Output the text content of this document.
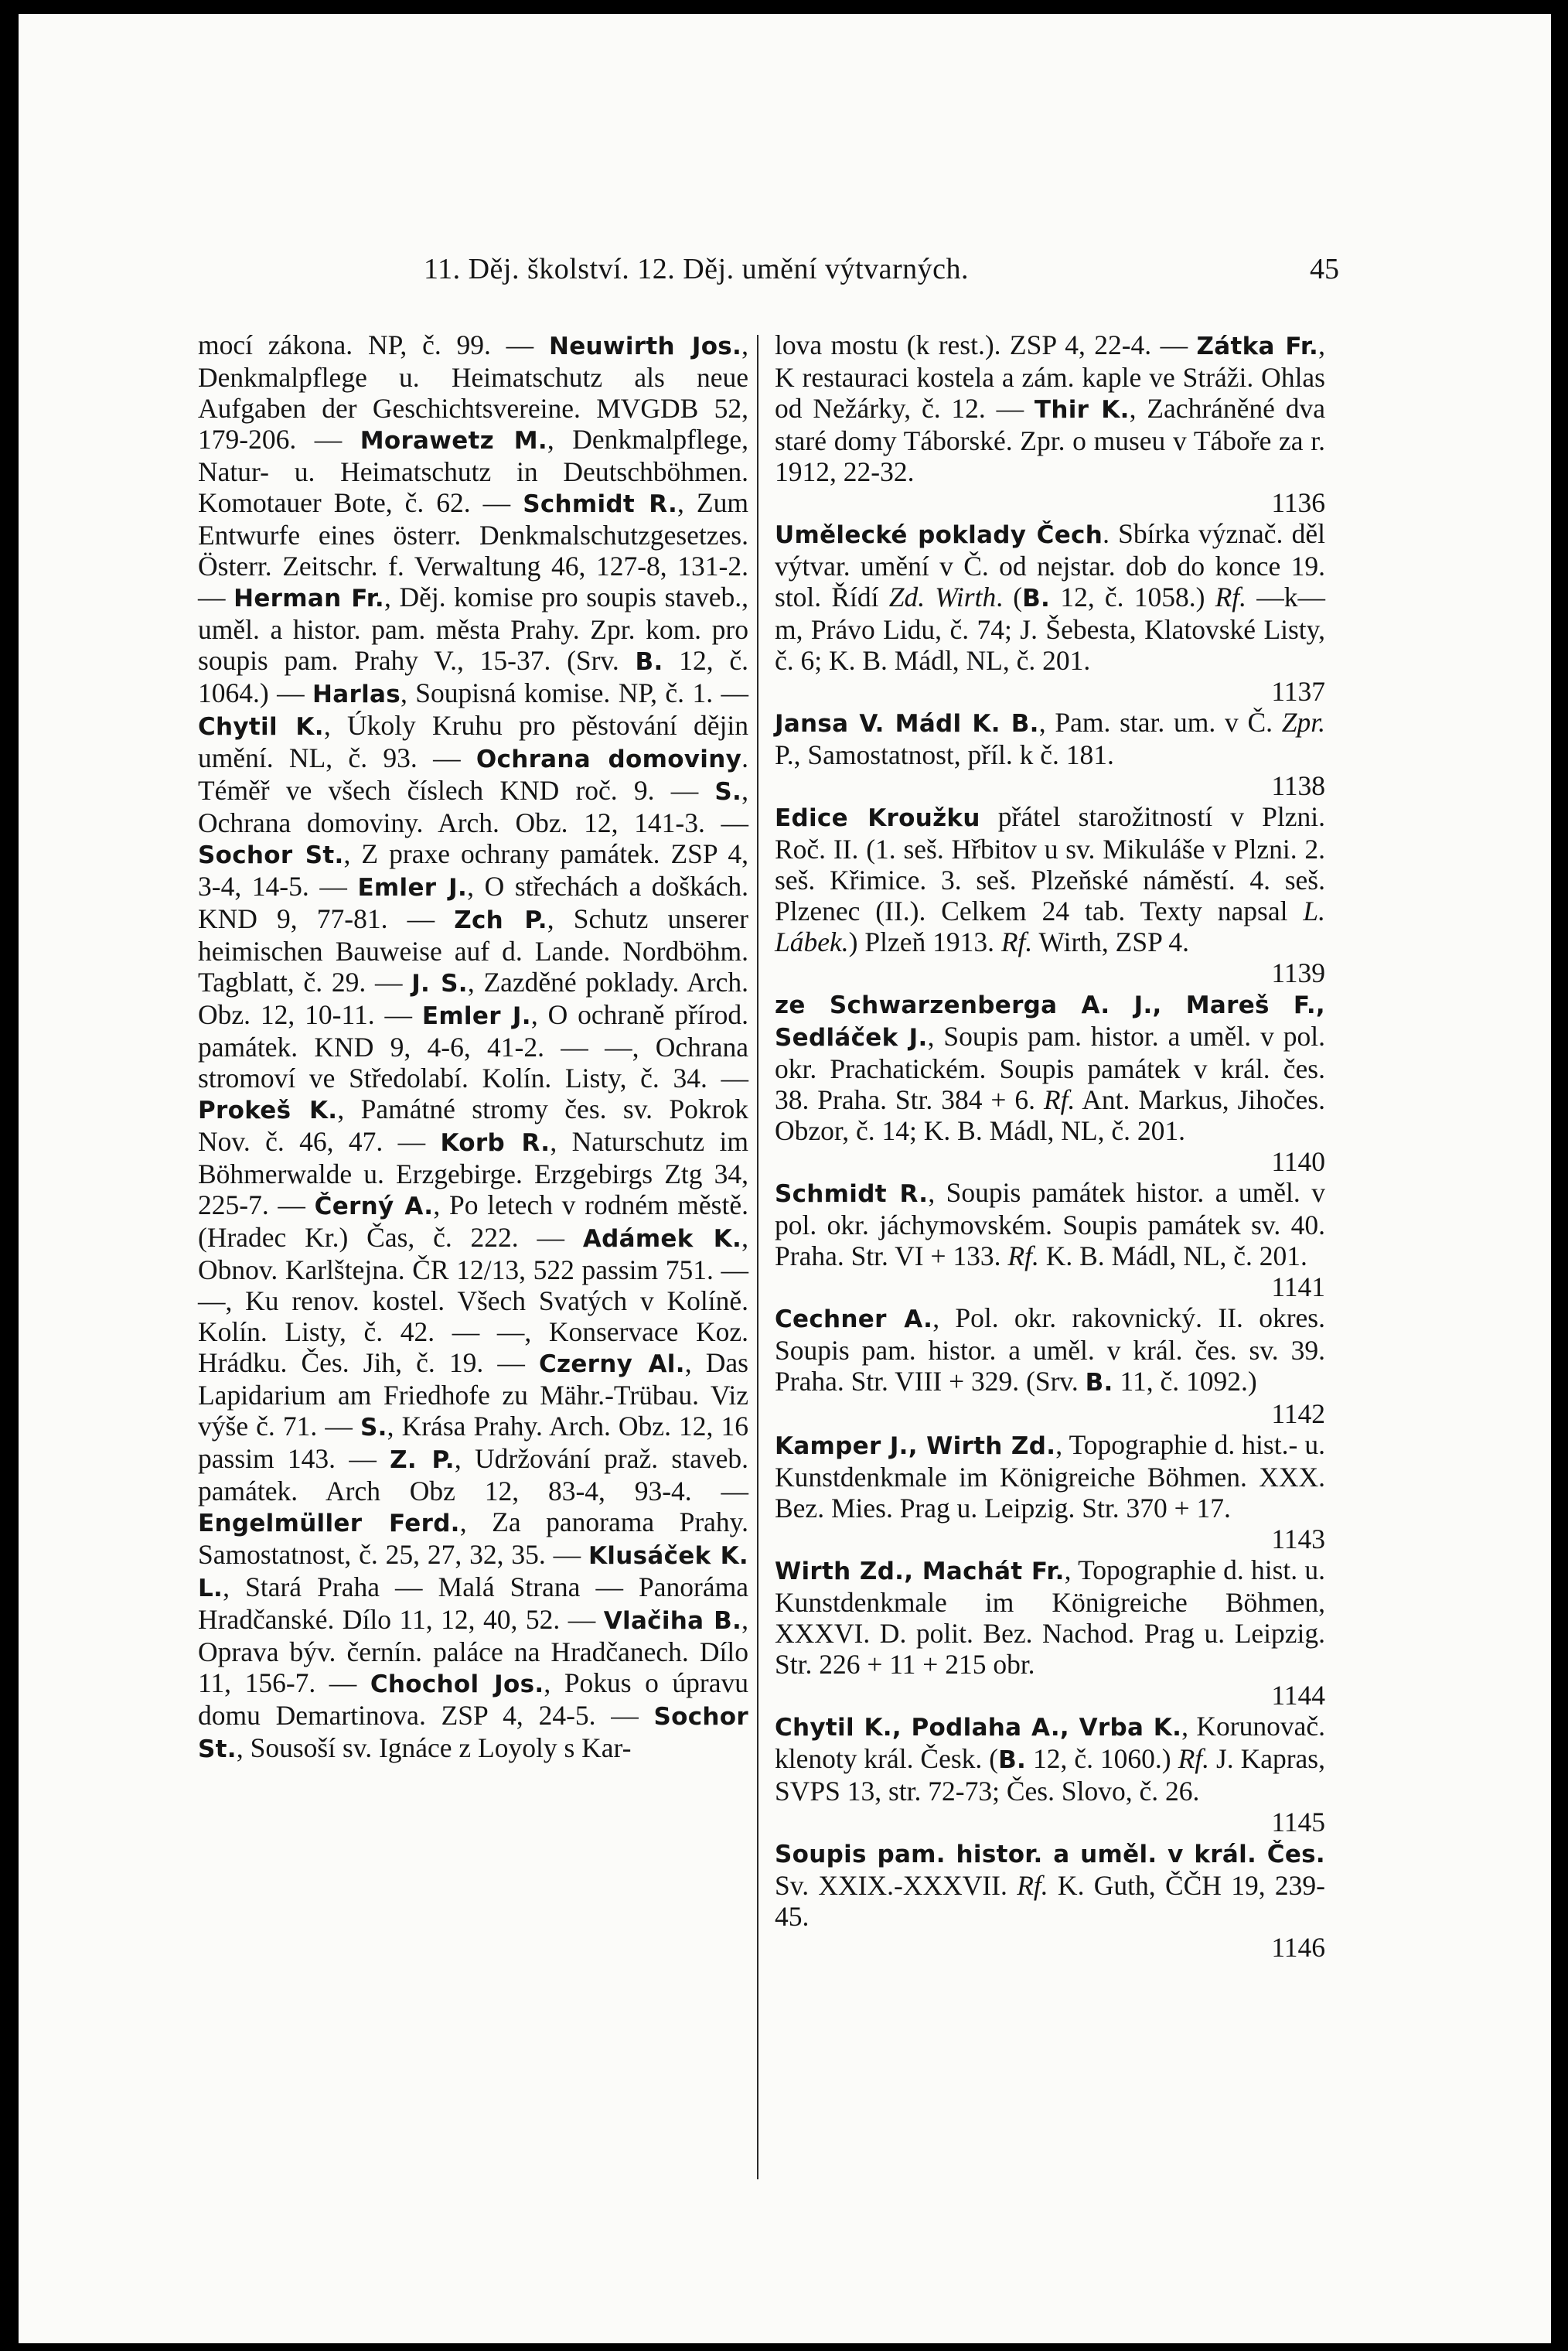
11. Děj. školství. 12. Děj. umění výtvarných.	45

mocí zákona. NP, č. 99. — Neuwirth Jos., Denkmalpflege u. Heimatschutz als neue Aufgaben der Geschichtsvereine. MVGDB 52, 179-206. — Morawetz M., Denkmalpflege, Natur- u. Heimatschutz in Deutschböhmen. Komotauer Bote, č. 62. — Schmidt R., Zum Entwurfe eines österr. Denkmalschutzgesetzes. Österr. Zeitschr. f. Verwaltung 46, 127-8, 131-2. — Herman Fr., Děj. komise pro soupis staveb., uměl. a histor. pam. města Prahy. Zpr. kom. pro soupis pam. Prahy V., 15-37. (Srv. B. 12, č. 1064.) — Harlas, Soupisná komise. NP, č. 1. — Chytil K., Úkoly Kruhu pro pěstování dějin umění. NL, č. 93. — Ochrana domoviny. Téměř ve všech číslech KND roč. 9. — S., Ochrana domoviny. Arch. Obz. 12, 141-3. — Sochor St., Z praxe ochrany památek. ZSP 4, 3-4, 14-5. — Emler J., O střechách a doškách. KND 9, 77-81. — Zch P., Schutz unserer heimischen Bauweise auf d. Lande. Nordböhm. Tagblatt, č. 29. — J. S., Zazděné poklady. Arch. Obz. 12, 10-11. — Emler J., O ochraně přírod. památek. KND 9, 4-6, 41-2. — —, Ochrana stromoví ve Středolabí. Kolín. Listy, č. 34. — Prokeš K., Památné stromy čes. sv. Pokrok Nov. č. 46, 47. — Korb R., Naturschutz im Böhmerwalde u. Erzgebirge. Erzgebirgs Ztg 34, 225-7. — Černý A., Po letech v rodném městě. (Hradec Kr.) Čas, č. 222. — Adámek K., Obnov. Karlštejna. ČR 12/13, 522 passim 751. — —, Ku renov. kostel. Všech Svatých v Kolíně. Kolín. Listy, č. 42. — —, Konservace Koz. Hrádku. Čes. Jih, č. 19. — Czerny Al., Das Lapidarium am Friedhofe zu Mähr.-Trübau. Viz výše č. 71. — S., Krása Prahy. Arch. Obz. 12, 16 passim 143. — Z. P., Udržování praž. staveb. památek. Arch Obz 12, 83-4, 93-4. — Engelmüller Ferd., Za panorama Prahy. Samostatnost, č. 25, 27, 32, 35. — Klusáček K. L., Stará Praha — Malá Strana — Panoráma Hradčanské. Dílo 11, 12, 40, 52. — Vlačiha B., Oprava býv. černín. paláce na Hradčanech. Dílo 11, 156-7. — Chochol Jos., Pokus o úpravu domu Demartinova. ZSP 4, 24-5. — Sochor St., Sousoší sv. Ignáce z Loyoly s Kar-

lova mostu (k rest.). ZSP 4, 22-4. — Zátka Fr., K restauraci kostela a zám. kaple ve Stráži. Ohlas od Nežárky, č. 12. — Thir K., Zachráněné dva staré domy Táborské. Zpr. o museu v Táboře za r. 1912, 22-32.
1136

Umělecké poklady Čech. Sbírka význač. děl výtvar. umění v Č. od nejstar. dob do konce 19. stol. Řídí Zd. Wirth. (B. 12, č. 1058.) Rf. —k— m, Právo Lidu, č. 74; J. Šebesta, Klatovské Listy, č. 6; K. B. Mádl, NL, č. 201.
1137

Jansa V. Mádl K. B., Pam. star. um. v Č. Zpr. P., Samostatnost, příl. k č. 181.
1138

Edice Kroužku přátel starožitností v Plzni. Roč. II. (1. seš. Hřbitov u sv. Mikuláše v Plzni. 2. seš. Křimice. 3. seš. Plzeňské náměstí. 4. seš. Plzenec (II.). Celkem 24 tab. Texty napsal L. Lábek.) Plzeň 1913. Rf. Wirth, ZSP 4.
1139

ze Schwarzenberga A. J., Mareš F., Sedláček J., Soupis pam. histor. a uměl. v pol. okr. Prachatickém. Soupis památek v král. čes. 38. Praha. Str. 384 + 6. Rf. Ant. Markus, Jihočes. Obzor, č. 14; K. B. Mádl, NL, č. 201.
1140

Schmidt R., Soupis památek histor. a uměl. v pol. okr. jáchymovském. Soupis památek sv. 40. Praha. Str. VI + 133. Rf. K. B. Mádl, NL, č. 201.
1141

Cechner A., Pol. okr. rakovnický. II. okres. Soupis pam. histor. a uměl. v král. čes. sv. 39. Praha. Str. VIII + 329. (Srv. B. 11, č. 1092.)
1142

Kamper J., Wirth Zd., Topographie d. hist.- u. Kunstdenkmale im Königreiche Böhmen. XXX. Bez. Mies. Prag u. Leipzig. Str. 370 + 17.
1143

Wirth Zd., Machát Fr., Topographie d. hist. u. Kunstdenkmale im Königreiche Böhmen, XXXVI. D. polit. Bez. Nachod. Prag u. Leipzig. Str. 226 + 11 + 215 obr.
1144

Chytil K., Podlaha A., Vrba K., Korunovač. klenoty král. Česk. (B. 12, č. 1060.) Rf. J. Kapras, SVPS 13, str. 72-73; Čes. Slovo, č. 26.
1145

Soupis pam. histor. a uměl. v král. Čes. Sv. XXIX.-XXXVII. Rf. K. Guth, ČČH 19, 239-45.
1146
